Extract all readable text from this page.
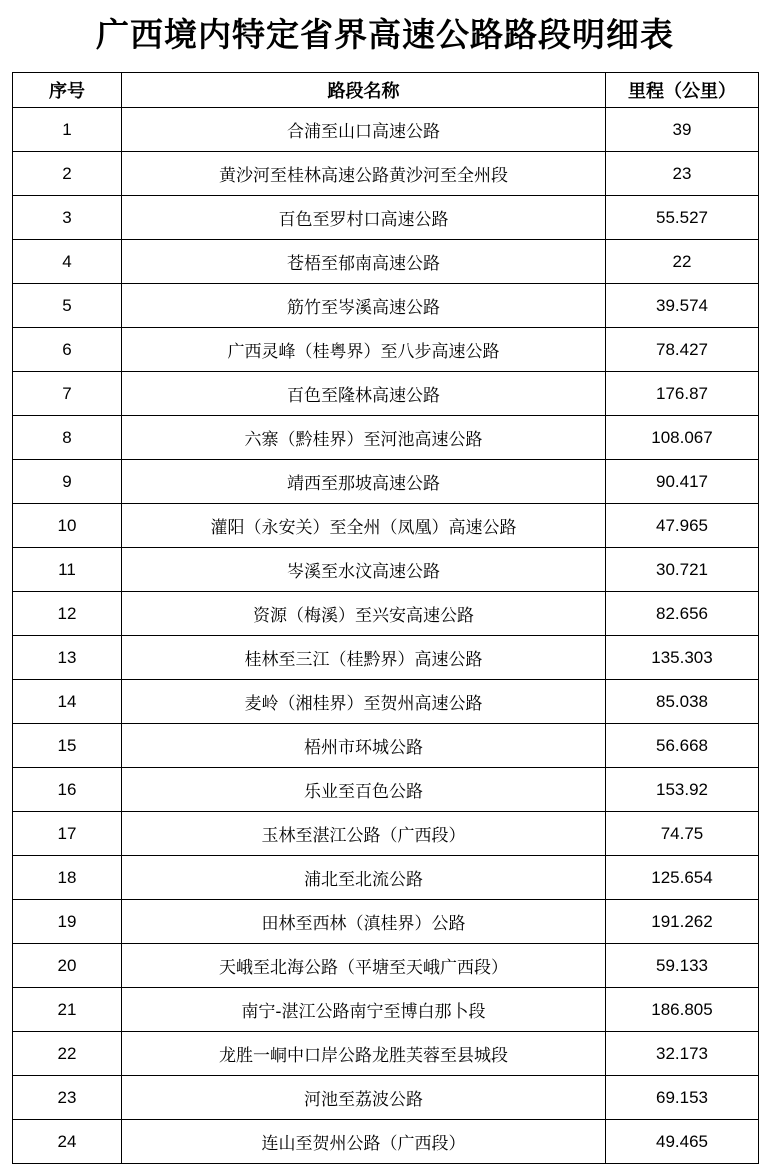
广西境内特定省界高速公路路段明细表
序号	路段名称	里程（公里）
1	合浦至山口高速公路	39
2	黄沙河至桂林高速公路黄沙河至全州段	23
3	百色至罗村口高速公路	55.527
4	苍梧至郁南高速公路	22
5	筋竹至岑溪高速公路	39.574
6	广西灵峰（桂粤界）至八步高速公路	78.427
7	百色至隆林高速公路	176.87
8	六寨（黔桂界）至河池高速公路	108.067
9	靖西至那坡高速公路	90.417
10	灌阳（永安关）至全州（凤凰）高速公路	47.965
11	岑溪至水汶高速公路	30.721
12	资源（梅溪）至兴安高速公路	82.656
13	桂林至三江（桂黔界）高速公路	135.303
14	麦岭（湘桂界）至贺州高速公路	85.038
15	梧州市环城公路	56.668
16	乐业至百色公路	153.92
17	玉林至湛江公路（广西段）	74.75
18	浦北至北流公路	125.654
19	田林至西林（滇桂界）公路	191.262
20	天峨至北海公路（平塘至天峨广西段）	59.133
21	南宁-湛江公路南宁至博白那卜段	186.805
22	龙胜一峒中口岸公路龙胜芙蓉至县城段	32.173
23	河池至荔波公路	69.153
24	连山至贺州公路（广西段）	49.465
